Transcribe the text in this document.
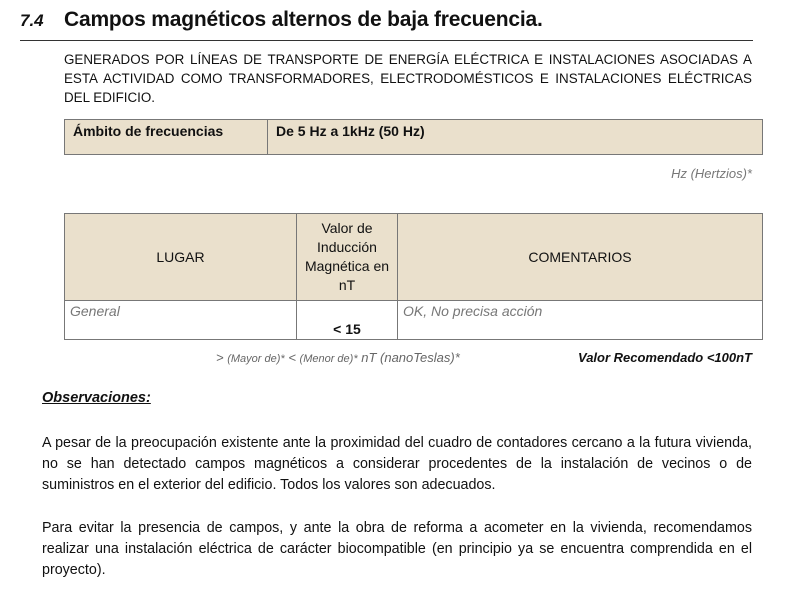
7.4 Campos magnéticos alternos de baja frecuencia.
GENERADOS POR LÍNEAS DE TRANSPORTE DE ENERGÍA ELÉCTRICA E INSTALACIONES ASOCIADAS A ESTA ACTIVIDAD COMO TRANSFORMADORES, ELECTRODOMÉSTICOS E INSTALACIONES ELÉCTRICAS DEL EDIFICIO.
Ámbito de frecuencias	De 5 Hz a 1kHz (50 Hz)
Hz (Hertzios)*
LUGAR	Valor de Inducción Magnética en nT	COMENTARIOS
General	< 15	OK, No precisa acción
> (Mayor de)* < (Menor de)* nT (nanoTeslas)*	Valor Recomendado <100nT
Observaciones:
A pesar de la preocupación existente ante la proximidad del cuadro de contadores cercano a la futura vivienda, no se han detectado campos magnéticos a considerar procedentes de la instalación de vecinos o de suministros en el exterior del edificio. Todos los valores son adecuados.
Para evitar la presencia de campos, y ante la obra de reforma a acometer en la vivienda, recomendamos realizar una instalación eléctrica de carácter biocompatible (en principio ya se encuentra comprendida en el proyecto).
